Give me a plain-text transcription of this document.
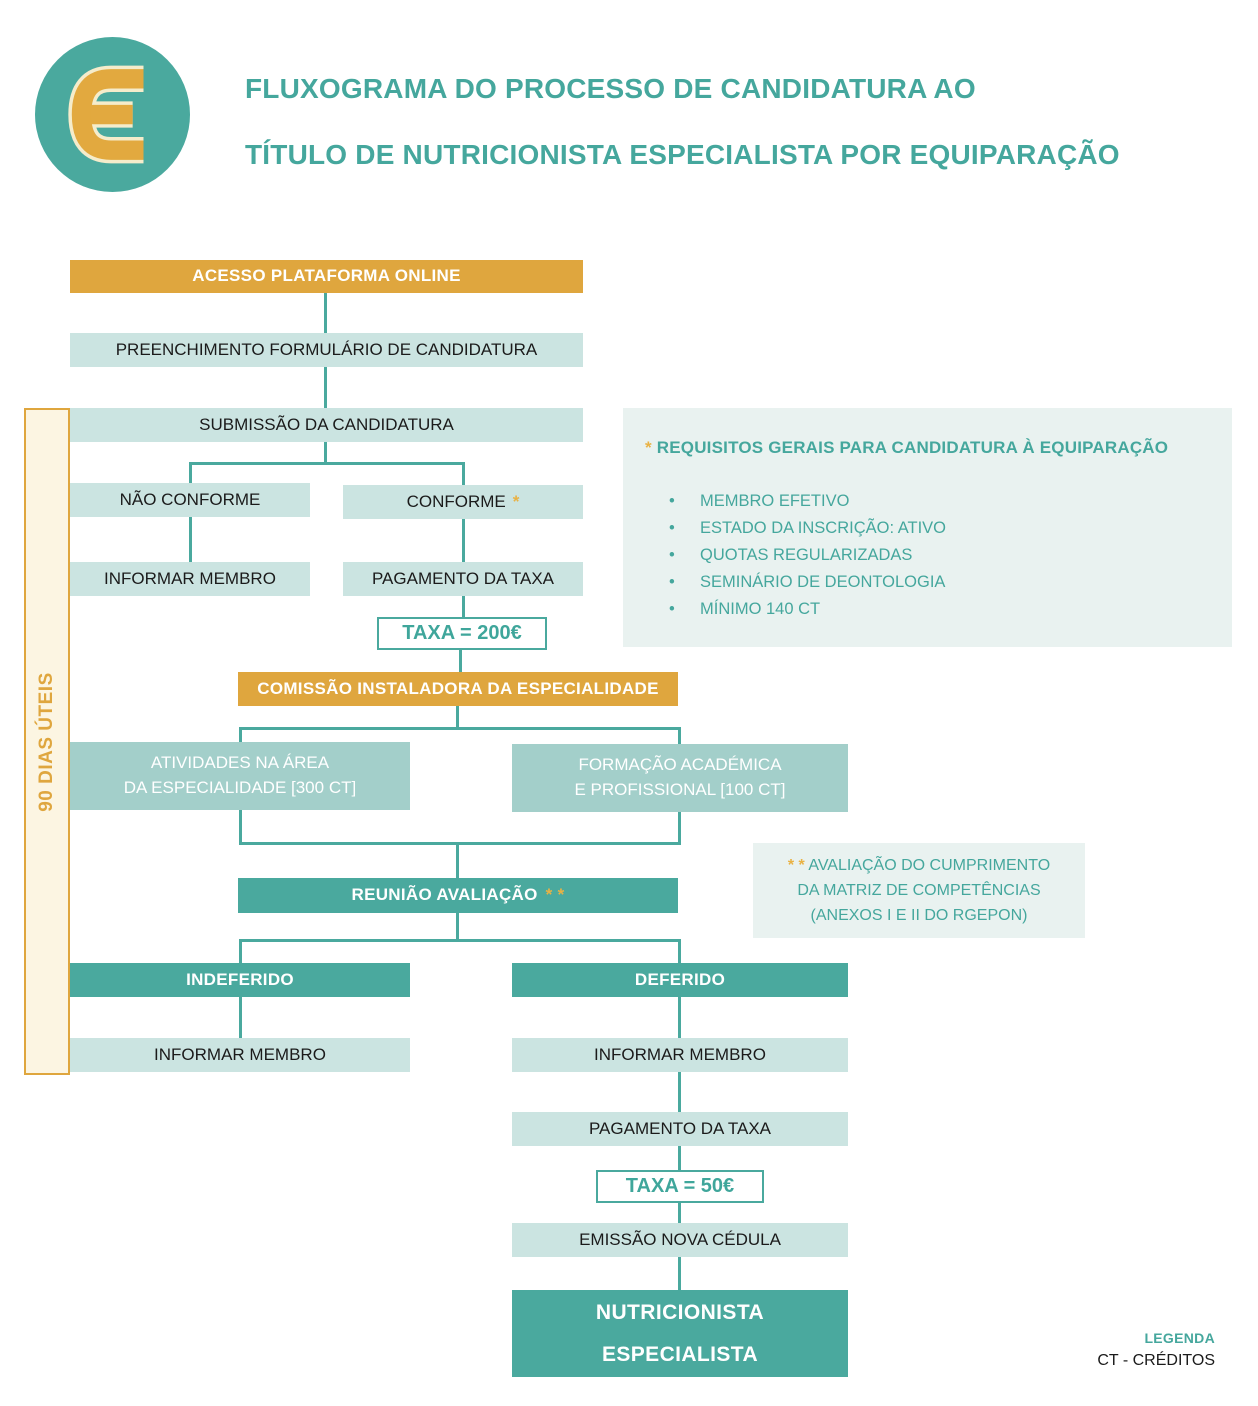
FLUXOGRAMA DO PROCESSO DE CANDIDATURA AO
TÍTULO DE NUTRICIONISTA ESPECIALISTA POR EQUIPARAÇÃO
90 DIAS ÚTEIS
ACESSO PLATAFORMA ONLINE
PREENCHIMENTO FORMULÁRIO DE CANDIDATURA
SUBMISSÃO DA CANDIDATURA
NÃO CONFORME	CONFORME *
INFORMAR MEMBRO	PAGAMENTO DA TAXA
TAXA = 200€
COMISSÃO INSTALADORA DA ESPECIALIDADE
ATIVIDADES NA ÁREA
DA ESPECIALIDADE [300 CT]
FORMAÇÃO ACADÉMICA
E PROFISSIONAL [100 CT]
REUNIÃO AVALIAÇÃO * *
INDEFERIDO	DEFERIDO
INFORMAR MEMBRO	INFORMAR MEMBRO
PAGAMENTO DA TAXA
TAXA = 50€
EMISSÃO NOVA CÉDULA
NUTRICIONISTA
ESPECIALISTA
* REQUISITOS GERAIS PARA CANDIDATURA À EQUIPARAÇÃO
• MEMBRO EFETIVO
• ESTADO DA INSCRIÇÃO: ATIVO
• QUOTAS REGULARIZADAS
• SEMINÁRIO DE DEONTOLOGIA
• MÍNIMO 140 CT
* * AVALIAÇÃO DO CUMPRIMENTO
DA MATRIZ DE COMPETÊNCIAS
(ANEXOS I E II DO RGEPON)
LEGENDA
CT - CRÉDITOS
